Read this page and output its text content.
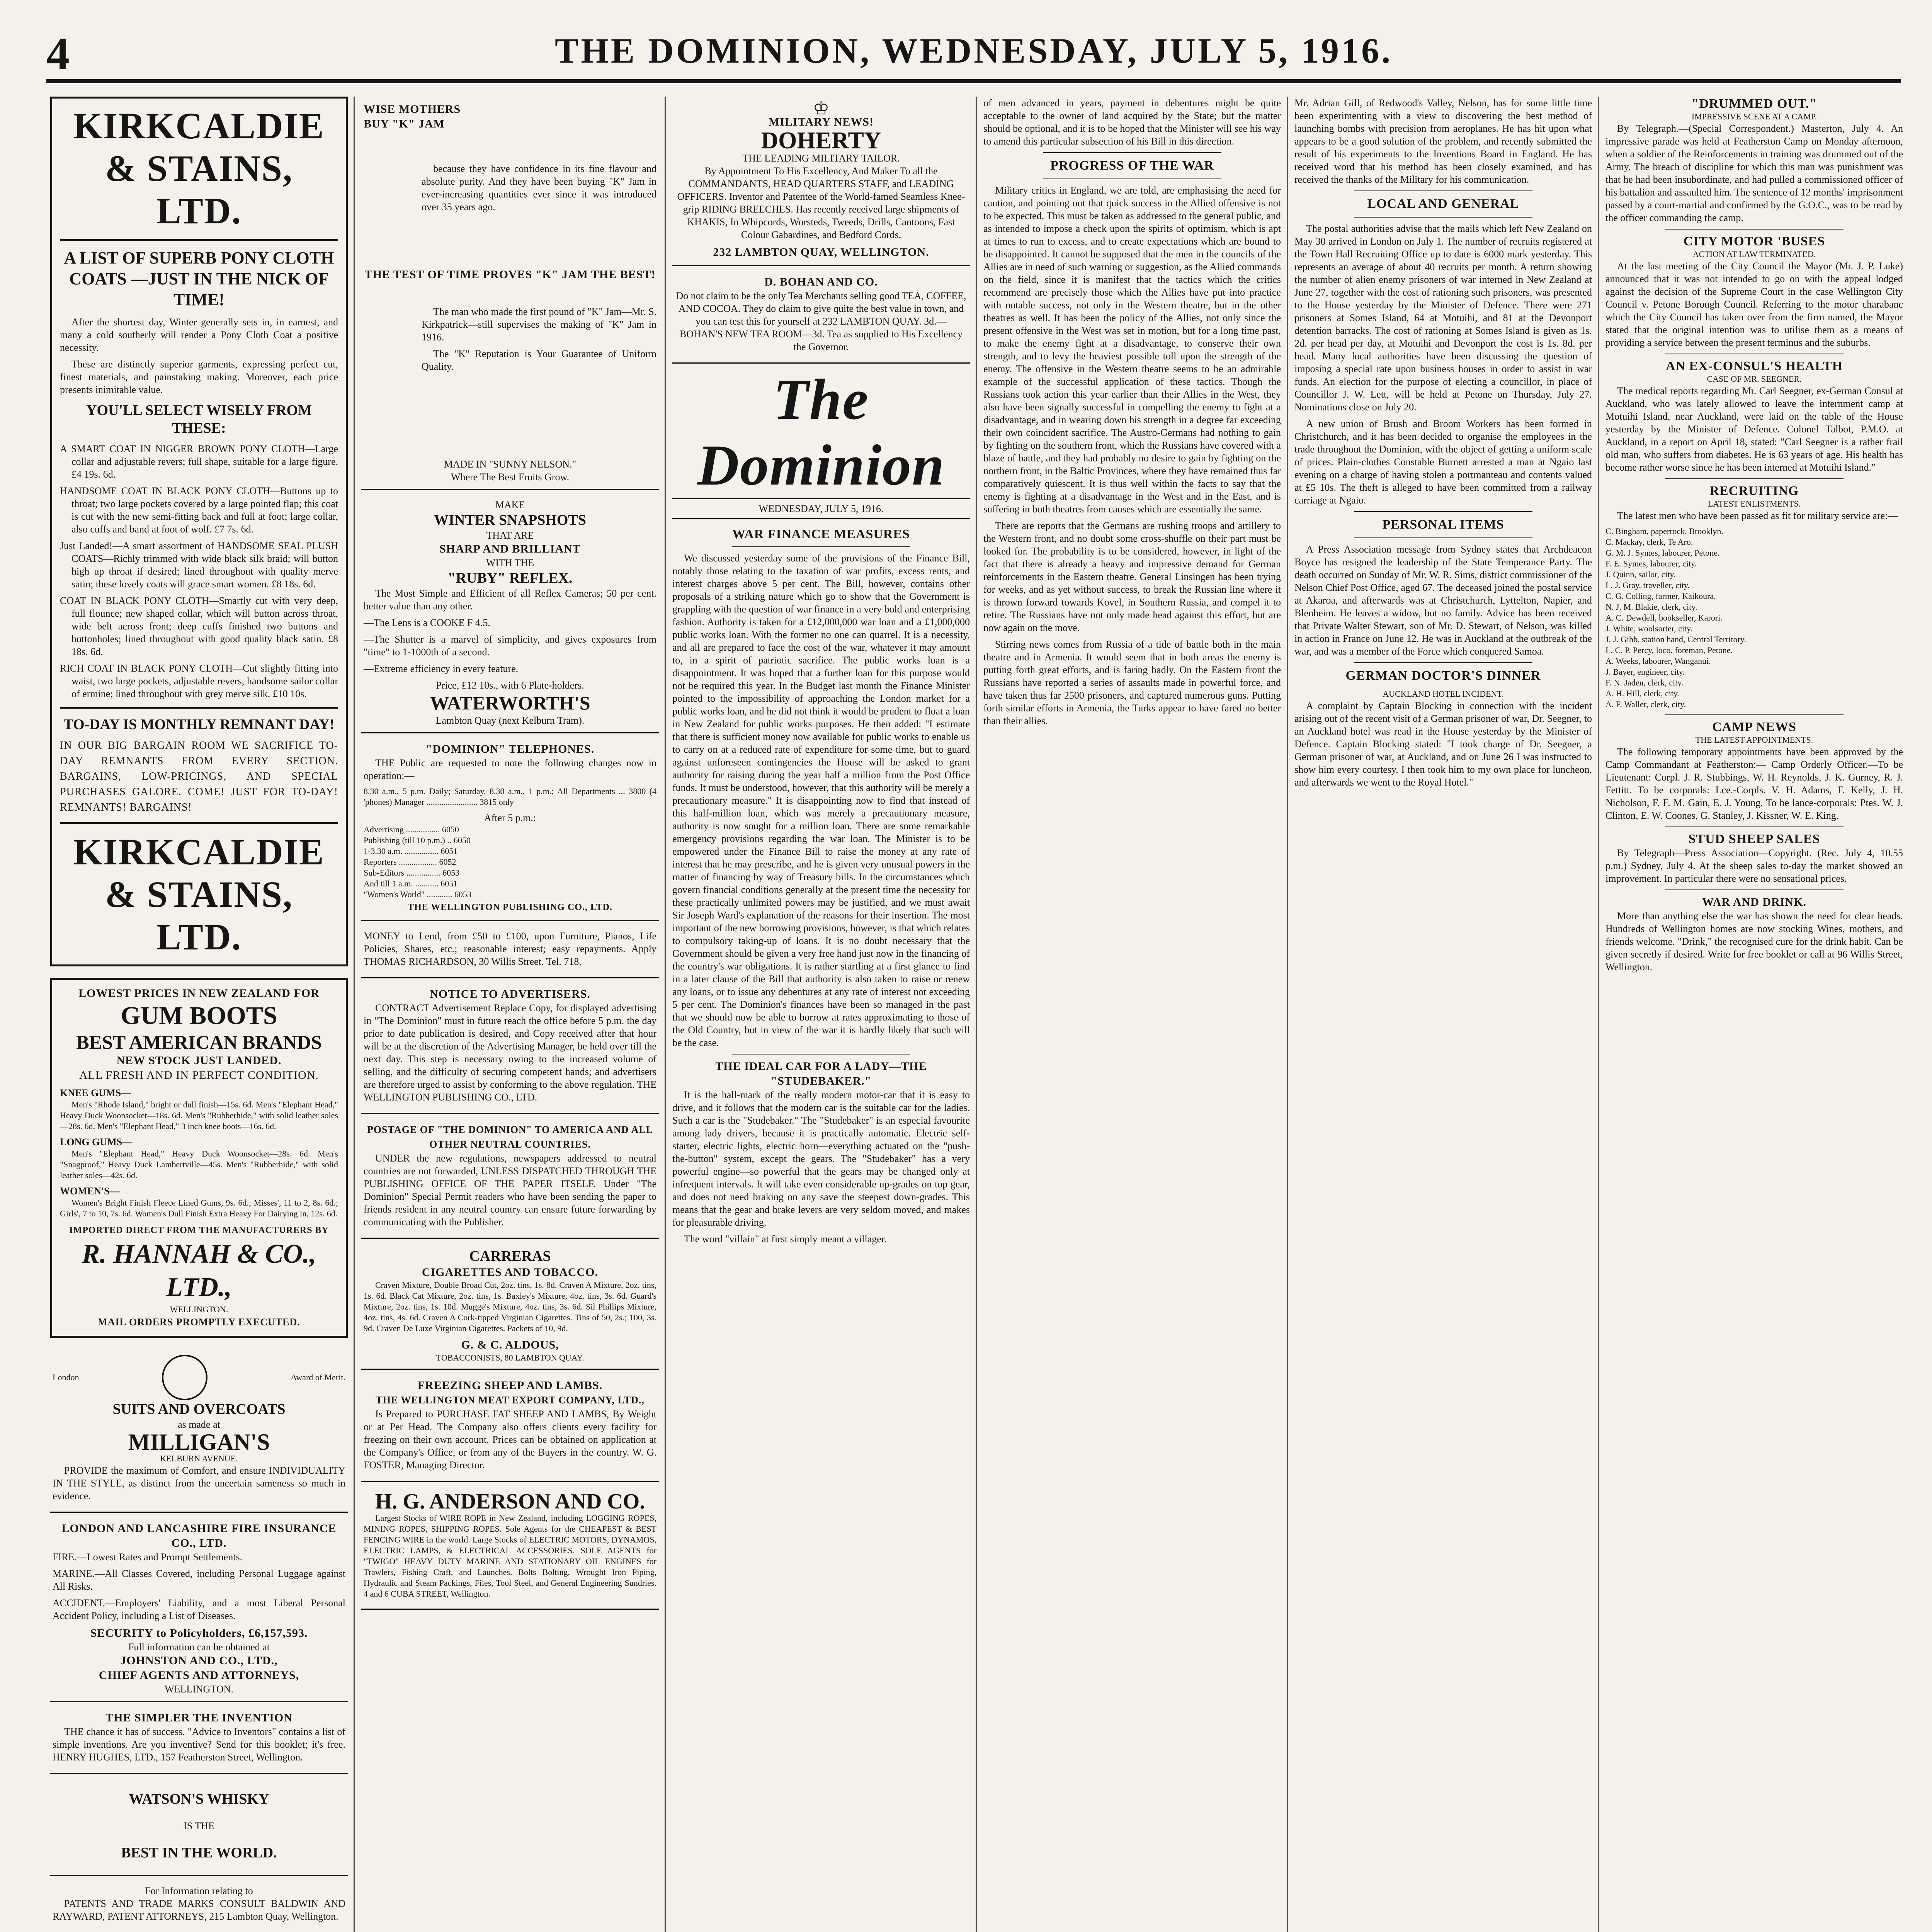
4	THE DOMINION, WEDNESDAY, JULY 5, 1916.
KIRKCALDIE & STAINS, LTD.
A LIST OF SUPERB PONY CLOTH COATS —JUST IN THE NICK OF TIME!

After the shortest day, Winter generally sets in, in earnest, and many a cold southerly will render a Pony Cloth Coat a positive necessity.

These are distinctly superior garments, expressing perfect cut, finest materials, and painstaking making. Moreover, each price presents inimitable value.

YOU'LL SELECT WISELY FROM THESE:

A SMART COAT IN NIGGER BROWN PONY CLOTH—Large collar and adjustable revers; full shape, suitable for a large figure. £4 19s. 6d.

HANDSOME COAT IN BLACK PONY CLOTH—Buttons up to throat; two large pockets covered by a large pointed flap; this coat is cut with the new semi-fitting back and full at foot; large collar, also cuffs and band at foot of wolf. £7 7s. 6d.

Just Landed!—A smart assortment of HANDSOME SEAL PLUSH COATS—Richly trimmed with wide black silk braid; will button high up throat if desired; lined throughout with quality merve satin; these lovely coats will grace smart women. £8 18s. 6d.

COAT IN BLACK PONY CLOTH—Smartly cut with very deep, full flounce; new shaped collar, which will button across throat, wide belt across front; deep cuffs finished two buttons and buttonholes; lined throughout with good quality black satin. £8 18s. 6d.

RICH COAT IN BLACK PONY CLOTH—Cut slightly fitting into waist, two large pockets, adjustable revers, handsome sailor collar of ermine; lined throughout with grey merve silk. £10 10s.

TO-DAY IS MONTHLY REMNANT DAY!

IN OUR BIG BARGAIN ROOM WE SACRIFICE TO-DAY REMNANTS FROM EVERY SECTION. BARGAINS, LOW-PRICINGS, AND SPECIAL PURCHASES GALORE. COME! JUST FOR TO-DAY! REMNANTS! BARGAINS!

KIRKCALDIE & STAINS, LTD.
LOWEST PRICES IN NEW ZEALAND FOR
GUM BOOTS
BEST AMERICAN BRANDS
NEW STOCK JUST LANDED.
ALL FRESH AND IN PERFECT CONDITION.
KNEE GUMS—

Men's "Rhode Island," bright or dull finish—15s. 6d. Men's "Elephant Head," Heavy Duck Woonsocket—18s. 6d. Men's "Rubberhide," with solid leather soles—28s. 6d. Men's "Elephant Head," 3 inch knee boots—16s. 6d.

LONG GUMS—

Men's "Elephant Head," Heavy Duck Woonsocket—28s. 6d. Men's "Snagproof," Heavy Duck Lambertville—45s. Men's "Rubberhide," with solid leather soles—42s. 6d.

WOMEN'S—

Women's Bright Finish Fleece Lined Gums, 9s. 6d.; Misses', 11 to 2, 8s. 6d.; Girls', 7 to 10, 7s. 6d. Women's Dull Finish Extra Heavy For Dairying in, 12s. 6d.

IMPORTED DIRECT FROM THE MANUFACTURERS BY
R. HANNAH & CO., LTD.,
WELLINGTON.
MAIL ORDERS PROMPTLY EXECUTED.
London	Award of Merit.
SUITS AND OVERCOATS
as made at
MILLIGAN'S
KELBURN AVENUE.

PROVIDE the maximum of Comfort, and ensure INDIVIDUALITY IN THE STYLE, as distinct from the uncertain sameness so much in evidence.

LONDON AND LANCASHIRE FIRE INSURANCE CO., LTD.

FIRE.—Lowest Rates and Prompt Settlements.

MARINE.—All Classes Covered, including Personal Luggage against All Risks.

ACCIDENT.—Employers' Liability, and a most Liberal Personal Accident Policy, including a List of Diseases.

SECURITY to Policyholders, £6,157,593.
Full information can be obtained at
JOHNSTON AND CO., LTD.,
CHIEF AGENTS AND ATTORNEYS,
WELLINGTON.
THE SIMPLER THE INVENTION

THE chance it has of success. "Advice to Inventors" contains a list of simple inventions. Are you inventive? Send for this booklet; it's free. HENRY HUGHES, LTD., 157 Featherston Street, Wellington.

WATSON'S WHISKY
IS THE
BEST IN THE WORLD.
For Information relating to

PATENTS AND TRADE MARKS CONSULT BALDWIN AND RAYWARD, PATENT ATTORNEYS, 215 Lambton Quay, Wellington.

WISE MOTHERS
BUY "K" JAM

because they have confidence in its fine flavour and absolute purity. And they have been buying "K" Jam in ever-increasing quantities ever since it was introduced over 35 years ago.

THE TEST OF TIME PROVES "K" JAM THE BEST!

The man who made the first pound of "K" Jam—Mr. S. Kirkpatrick—still supervises the making of "K" Jam in 1916.

The "K" Reputation is Your Guarantee of Uniform Quality.

MADE IN "SUNNY NELSON."
Where The Best Fruits Grow.
MAKE
WINTER SNAPSHOTS
THAT ARE
SHARP AND BRILLIANT
WITH THE
"RUBY" REFLEX.

The Most Simple and Efficient of all Reflex Cameras; 50 per cent. better value than any other.

—The Lens is a COOKE F 4.5.

—The Shutter is a marvel of simplicity, and gives exposures from "time" to 1-1000th of a second.

—Extreme efficiency in every feature.

Price, £12 10s., with 6 Plate-holders.
WATERWORTH'S
Lambton Quay (next Kelburn Tram).
"DOMINION" TELEPHONES.

THE Public are requested to note the following changes now in operation:—

8.30 a.m., 5 p.m. Daily; Saturday, 8.30 a.m., 1 p.m.; All Departments ... 3800 (4 'phones) Manager ........................ 3815 only

After 5 p.m.:
Advertising ................ 6050
Publishing (till 10 p.m.) .. 6050
1-3.30 a.m. ................ 6051
Reporters .................. 6052
Sub-Editors ................ 6053
And till 1 a.m. ........... 6051
"Women's World" ............ 6053
THE WELLINGTON PUBLISHING CO., LTD.

MONEY to Lend, from £50 to £100, upon Furniture, Pianos, Life Policies, Shares, etc.; reasonable interest; easy repayments. Apply THOMAS RICHARDSON, 30 Willis Street. Tel. 718.

NOTICE TO ADVERTISERS.

CONTRACT Advertisement Replace Copy, for displayed advertising in "The Dominion" must in future reach the office before 5 p.m. the day prior to date publication is desired, and Copy received after that hour will be at the discretion of the Advertising Manager, be held over till the next day. This step is necessary owing to the increased volume of selling, and the difficulty of securing competent hands; and advertisers are therefore urged to assist by conforming to the above regulation. THE WELLINGTON PUBLISHING CO., LTD.

POSTAGE OF "THE DOMINION" TO AMERICA AND ALL OTHER NEUTRAL COUNTRIES.

UNDER the new regulations, newspapers addressed to neutral countries are not forwarded, UNLESS DISPATCHED THROUGH THE PUBLISHING OFFICE OF THE PAPER ITSELF. Under "The Dominion" Special Permit readers who have been sending the paper to friends resident in any neutral country can ensure future forwarding by communicating with the Publisher.

CARRERAS
CIGARETTES AND TOBACCO.

Craven Mixture, Double Broad Cut, 2oz. tins, 1s. 8d. Craven A Mixture, 2oz. tins, 1s. 6d. Black Cat Mixture, 2oz. tins, 1s. Baxley's Mixture, 4oz. tins, 3s. 6d. Guard's Mixture, 2oz. tins, 1s. 10d. Mugge's Mixture, 4oz. tins, 3s. 6d. Sil Phillips Mixture, 4oz. tins, 4s. 6d. Craven A Cork-tipped Virginian Cigarettes. Tins of 50, 2s.; 100, 3s. 9d. Craven De Luxe Virginian Cigarettes. Packets of 10, 9d.

G. & C. ALDOUS,
TOBACCONISTS, 80 LAMBTON QUAY.
FREEZING SHEEP AND LAMBS.
THE WELLINGTON MEAT EXPORT COMPANY, LTD.,

Is Prepared to PURCHASE FAT SHEEP AND LAMBS, By Weight or at Per Head. The Company also offers clients every facility for freezing on their own account. Prices can be obtained on application at the Company's Office, or from any of the Buyers in the country. W. G. FOSTER, Managing Director.

H. G. ANDERSON AND CO.

Largest Stocks of WIRE ROPE in New Zealand, including LOGGING ROPES, MINING ROPES, SHIPPING ROPES. Sole Agents for the CHEAPEST & BEST FENCING WIRE in the world. Large Stocks of ELECTRIC MOTORS, DYNAMOS, ELECTRIC LAMPS, & ELECTRICAL ACCESSORIES. SOLE AGENTS for "TWIGO" HEAVY DUTY MARINE AND STATIONARY OIL ENGINES for Trawlers, Fishing Craft, and Launches. Bolts Bolting, Wrought Iron Piping, Hydraulic and Steam Packings, Files, Tool Steel, and General Engineering Sundries. 4 and 6 CUBA STREET, Wellington.

♔
MILITARY NEWS!
DOHERTY
THE LEADING MILITARY TAILOR.

By Appointment To His Excellency, And Maker To all the COMMANDANTS, HEAD QUARTERS STAFF, and LEADING OFFICERS. Inventor and Patentee of the World-famed Seamless Knee-grip RIDING BREECHES. Has recently received large shipments of KHAKIS, In Whipcords, Worsteds, Tweeds, Drills, Cantoons, Fast Colour Gabardines, and Bedford Cords.

232 LAMBTON QUAY, WELLINGTON.
D. BOHAN AND CO.

Do not claim to be the only Tea Merchants selling good TEA, COFFEE, AND COCOA. They do claim to give quite the best value in town, and you can test this for yourself at 232 LAMBTON QUAY. 3d.—BOHAN'S NEW TEA ROOM—3d. Tea as supplied to His Excellency the Governor.

The Dominion
WEDNESDAY, JULY 5, 1916.
WAR FINANCE MEASURES

We discussed yesterday some of the provisions of the Finance Bill, notably those relating to the taxation of war profits, excess rents, and interest charges above 5 per cent. The Bill, however, contains other proposals of a striking nature which go to show that the Government is grappling with the question of war finance in a very bold and enterprising fashion. Authority is taken for a £12,000,000 war loan and a £1,000,000 public works loan. With the former no one can quarrel. It is a necessity, and all are prepared to face the cost of the war, whatever it may amount to, in a spirit of patriotic sacrifice. The public works loan is a disappointment. It was hoped that a further loan for this purpose would not be required this year. In the Budget last month the Finance Minister pointed to the impossibility of approaching the London market for a public works loan, and he did not think it would be prudent to float a loan in New Zealand for public works purposes. He then added: "I estimate that there is sufficient money now available for public works to enable us to carry on at a reduced rate of expenditure for some time, but to guard against unforeseen contingencies the House will be asked to grant authority for raising during the year half a million from the Post Office funds. It must be understood, however, that this authority will be merely a precautionary measure." It is disappointing now to find that instead of this half-million loan, which was merely a precautionary measure, authority is now sought for a million loan. There are some remarkable emergency provisions regarding the war loan. The Minister is to be empowered under the Finance Bill to raise the money at any rate of interest that he may prescribe, and he is given very unusual powers in the matter of financing by way of Treasury bills. In the circumstances which govern financial conditions generally at the present time the necessity for these practically unlimited powers may be justified, and we must await Sir Joseph Ward's explanation of the reasons for their insertion. The most important of the new borrowing provisions, however, is that which relates to compulsory taking-up of loans. It is no doubt necessary that the Government should be given a very free hand just now in the financing of the country's war obligations. It is rather startling at a first glance to find in a later clause of the Bill that authority is also taken to raise or renew any loans, or to issue any debentures at any rate of interest not exceeding 5 per cent. The Dominion's finances have been so managed in the past that we should now be able to borrow at rates approximating to those of the Old Country, but in view of the war it is hardly likely that such will be the case.

THE IDEAL CAR FOR A LADY—THE "STUDEBAKER."

It is the hall-mark of the really modern motor-car that it is easy to drive, and it follows that the modern car is the suitable car for the ladies. Such a car is the "Studebaker." The "Studebaker" is an especial favourite among lady drivers, because it is practically automatic. Electric self-starter, electric lights, electric horn—everything actuated on the "push-the-button" system, except the gears. The "Studebaker" has a very powerful engine—so powerful that the gears may be changed only at infrequent intervals. It will take even considerable up-grades on top gear, and does not need braking on any save the steepest down-grades. This means that the gear and brake levers are very seldom moved, and makes for pleasurable driving.

The word "villain" at first simply meant a villager.

of men advanced in years, payment in debentures might be quite acceptable to the owner of land acquired by the State; but the matter should be optional, and it is to be hoped that the Minister will see his way to amend this particular subsection of his Bill in this direction.

PROGRESS OF THE WAR

Military critics in England, we are told, are emphasising the need for caution, and pointing out that quick success in the Allied offensive is not to be expected. This must be taken as addressed to the general public, and as intended to impose a check upon the spirits of optimism, which is apt at times to run to excess, and to create expectations which are bound to be disappointed. It cannot be supposed that the men in the councils of the Allies are in need of such warning or suggestion, as the Allied commands on the field, since it is manifest that the tactics which the critics recommend are precisely those which the Allies have put into practice with notable success, not only in the Western theatre, but in the other theatres as well. It has been the policy of the Allies, not only since the present offensive in the West was set in motion, but for a long time past, to make the enemy fight at a disadvantage, to conserve their own strength, and to levy the heaviest possible toll upon the strength of the enemy. The offensive in the Western theatre seems to be an admirable example of the successful application of these tactics. Though the Russians took action this year earlier than their Allies in the West, they also have been signally successful in compelling the enemy to fight at a disadvantage, and in wearing down his strength in a degree far exceeding their own coincident sacrifice. The Austro-Germans had nothing to gain by fighting on the southern front, which the Russians have covered with a blaze of battle, and they had probably no desire to gain by fighting on the northern front, in the Baltic Provinces, where they have remained thus far comparatively quiescent. It is thus well within the facts to say that the enemy is fighting at a disadvantage in the West and in the East, and is suffering in both theatres from causes which are essentially the same.

There are reports that the Germans are rushing troops and artillery to the Western front, and no doubt some cross-shuffle on their part must be looked for. The probability is to be considered, however, in light of the fact that there is already a heavy and impressive demand for German reinforcements in the Eastern theatre. General Linsingen has been trying for weeks, and as yet without success, to break the Russian line where it is thrown forward towards Kovel, in Southern Russia, and compel it to retire. The Russians have not only made head against this effort, but are now again on the move.

Stirring news comes from Russia of a tide of battle both in the main theatre and in Armenia. It would seem that in both areas the enemy is putting forth great efforts, and is faring badly. On the Eastern front the Russians have reported a series of assaults made in powerful force, and have taken thus far 2500 prisoners, and captured numerous guns. Putting forth similar efforts in Armenia, the Turks appear to have fared no better than their allies.

Mr. Adrian Gill, of Redwood's Valley, Nelson, has for some little time been experimenting with a view to discovering the best method of launching bombs with precision from aeroplanes. He has hit upon what appears to be a good solution of the problem, and recently submitted the result of his experiments to the Inventions Board in England. He has received word that his method has been closely examined, and has received the thanks of the Military for his communication.

LOCAL AND GENERAL

The postal authorities advise that the mails which left New Zealand on May 30 arrived in London on July 1. The number of recruits registered at the Town Hall Recruiting Office up to date is 6000 mark yesterday. This represents an average of about 40 recruits per month. A return showing the number of alien enemy prisoners of war interned in New Zealand at June 27, together with the cost of rationing such prisoners, was presented to the House yesterday by the Minister of Defence. There were 271 prisoners at Somes Island, 64 at Motuihi, and 81 at the Devonport detention barracks. The cost of rationing at Somes Island is given as 1s. 2d. per head per day, at Motuihi and Devonport the cost is 1s. 8d. per head. Many local authorities have been discussing the question of imposing a special rate upon business houses in order to assist in war funds. An election for the purpose of electing a councillor, in place of Councillor J. W. Lett, will be held at Petone on Thursday, July 27. Nominations close on July 20.

A new union of Brush and Broom Workers has been formed in Christchurch, and it has been decided to organise the employees in the trade throughout the Dominion, with the object of getting a uniform scale of prices. Plain-clothes Constable Burnett arrested a man at Ngaio last evening on a charge of having stolen a portmanteau and contents valued at £5 10s. The theft is alleged to have been committed from a railway carriage at Ngaio.

PERSONAL ITEMS

A Press Association message from Sydney states that Archdeacon Boyce has resigned the leadership of the State Temperance Party. The death occurred on Sunday of Mr. W. R. Sims, district commissioner of the Nelson Chief Post Office, aged 67. The deceased joined the postal service at Akaroa, and afterwards was at Christchurch, Lyttelton, Napier, and Blenheim. He leaves a widow, but no family. Advice has been received that Private Walter Stewart, son of Mr. D. Stewart, of Nelson, was killed in action in France on June 12. He was in Auckland at the outbreak of the war, and was a member of the Force which conquered Samoa.

GERMAN DOCTOR'S DINNER
AUCKLAND HOTEL INCIDENT.

A complaint by Captain Blocking in connection with the incident arising out of the recent visit of a German prisoner of war, Dr. Seegner, to an Auckland hotel was read in the House yesterday by the Minister of Defence. Captain Blocking stated: "I took charge of Dr. Seegner, a German prisoner of war, at Auckland, and on June 26 I was instructed to show him every courtesy. I then took him to my own place for luncheon, and afterwards we went to the Royal Hotel."

"DRUMMED OUT."
IMPRESSIVE SCENE AT A CAMP.

By Telegraph.—(Special Correspondent.) Masterton, July 4. An impressive parade was held at Featherston Camp on Monday afternoon, when a soldier of the Reinforcements in training was drummed out of the Army. The breach of discipline for which this man was punishment was that he had been insubordinate, and had pulled a commissioned officer of his battalion and assaulted him. The sentence of 12 months' imprisonment passed by a court-martial and confirmed by the G.O.C., was to be read by the officer commanding the camp.

CITY MOTOR 'BUSES
ACTION AT LAW TERMINATED.

At the last meeting of the City Council the Mayor (Mr. J. P. Luke) announced that it was not intended to go on with the appeal lodged against the decision of the Supreme Court in the case Wellington City Council v. Petone Borough Council. Referring to the motor charabanc which the City Council has taken over from the firm named, the Mayor stated that the original intention was to utilise them as a means of providing a service between the present terminus and the suburbs.

AN EX-CONSUL'S HEALTH
CASE OF MR. SEEGNER.

The medical reports regarding Mr. Carl Seegner, ex-German Consul at Auckland, who was lately allowed to leave the internment camp at Motuihi Island, near Auckland, were laid on the table of the House yesterday by the Minister of Defence. Colonel Talbot, P.M.O. at Auckland, in a report on April 18, stated: "Carl Seegner is a rather frail old man, who suffers from diabetes. He is 63 years of age. His health has become rather worse since he has been interned at Motuihi Island."

RECRUITING
LATEST ENLISTMENTS.

The latest men who have been passed as fit for military service are:—

C. Bingham, paperrock, Brooklyn.
C. Mackay, clerk, Te Aro.
G. M. J. Symes, labourer, Petone.
F. E. Symes, labourer, city.
J. Quinn, sailor, city.
L. J. Gray, traveller, city.
C. G. Colling, farmer, Kaikoura.
N. J. M. Blakie, clerk, city.
A. C. Dewdell, bookseller, Karori.
J. White, woolsorter, city.
J. J. Gibb, station hand, Central Territory.
L. C. P. Percy, loco. foreman, Petone.
A. Weeks, labourer, Wanganui.
J. Bayer, engineer, city.
F. N. Jaden, clerk, city.
A. H. Hill, clerk, city.
A. F. Waller, clerk, city.
CAMP NEWS
THE LATEST APPOINTMENTS.

The following temporary appointments have been approved by the Camp Commandant at Featherston:— Camp Orderly Officer.—To be Lieutenant: Corpl. J. R. Stubbings, W. H. Reynolds, J. K. Gurney, R. J. Fettitt. To be corporals: Lce.-Corpls. V. H. Adams, F. Kelly, J. H. Nicholson, F. F. M. Gain, E. J. Young. To be lance-corporals: Ptes. W. J. Clinton, E. W. Coones, G. Stanley, J. Kissner, W. E. King.

STUD SHEEP SALES

By Telegraph—Press Association—Copyright. (Rec. July 4, 10.55 p.m.) Sydney, July 4. At the sheep sales to-day the market showed an improvement. In particular there were no sensational prices.

WAR AND DRINK.

More than anything else the war has shown the need for clear heads. Hundreds of Wellington homes are now stocking Wines, mothers, and friends welcome. "Drink," the recognised cure for the drink habit. Can be given secretly if desired. Write for free booklet or call at 96 Willis Street, Wellington.
